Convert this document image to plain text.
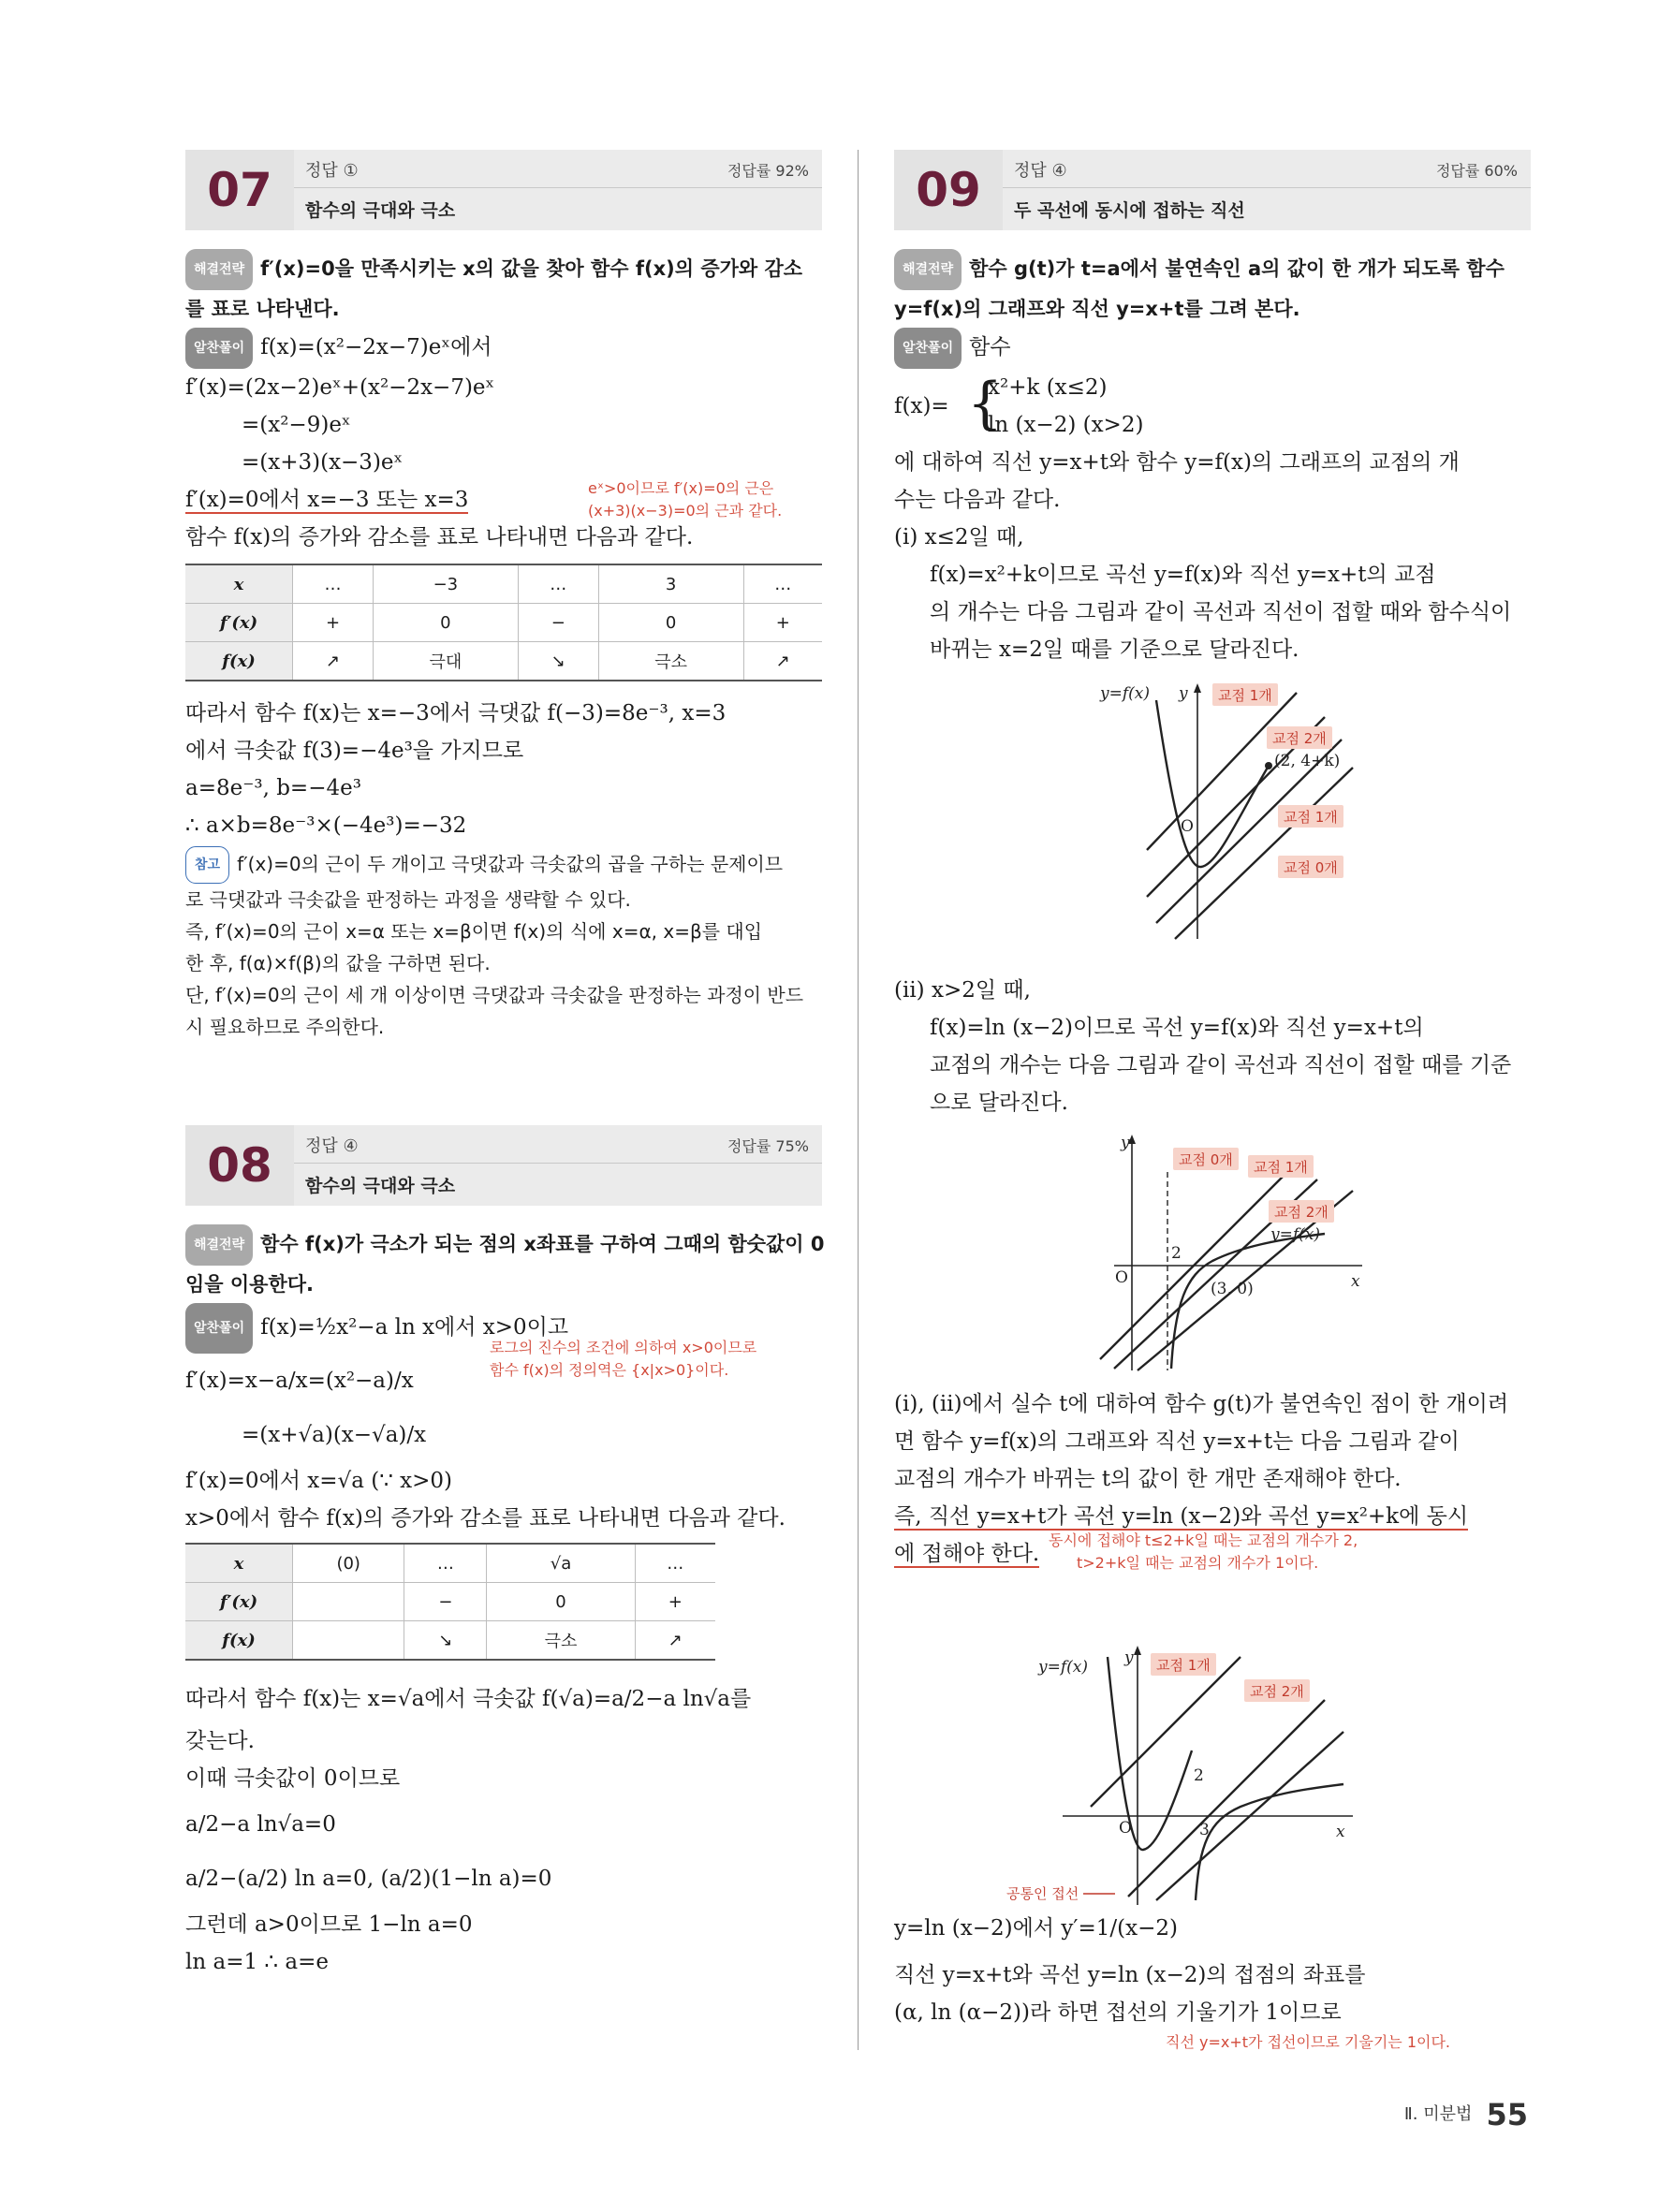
07	정답 ①	정답률 92%
함수의 극대와 극소

해결전략 f′(x)=0을 만족시키는 x의 값을 찾아 함수 f(x)의 증가와 감소

를 표로 나타낸다.

알찬풀이 f(x)=(x²−2x−7)eˣ에서

f′(x)=(2x−2)eˣ+(x²−2x−7)eˣ

=(x²−9)eˣ

=(x+3)(x−3)eˣ

f′(x)=0에서 x=−3 또는 x=3	eˣ>0이므로 f′(x)=0의 근은
(x+3)(x−3)=0의 근과 같다.

함수 f(x)의 증가와 감소를 표로 나타내면 다음과 같다.

x	…	−3	…	3	…
f′(x)	+	0	−	0	+
f(x)	↗	극대	↘	극소	↗

따라서 함수 f(x)는 x=−3에서 극댓값 f(−3)=8e⁻³, x=3

에서 극솟값 f(3)=−4e³을 가지므로

a=8e⁻³, b=−4e³

∴ a×b=8e⁻³×(−4e³)=−32

참고 f′(x)=0의 근이 두 개이고 극댓값과 극솟값의 곱을 구하는 문제이므

로 극댓값과 극솟값을 판정하는 과정을 생략할 수 있다.

즉, f′(x)=0의 근이 x=α 또는 x=β이면 f(x)의 식에 x=α, x=β를 대입

한 후, f(α)×f(β)의 값을 구하면 된다.

단, f′(x)=0의 근이 세 개 이상이면 극댓값과 극솟값을 판정하는 과정이 반드

시 필요하므로 주의한다.

08	정답 ④	정답률 75%
함수의 극대와 극소

해결전략 함수 f(x)가 극소가 되는 점의 x좌표를 구하여 그때의 함숫값이 0

임을 이용한다.

알찬풀이 f(x)=½x²−a ln x에서 x>0이고

로그의 진수의 조건에 의하여 x>0이므로
함수 f(x)의 정의역은 {x|x>0}이다.

f′(x)=x−a/x=(x²−a)/x

=(x+√a)(x−√a)/x

f′(x)=0에서 x=√a (∵ x>0)

x>0에서 함수 f(x)의 증가와 감소를 표로 나타내면 다음과 같다.

x	(0)	…	√a	…
f′(x)		−	0	+
f(x)		↘	극소	↗

따라서 함수 f(x)는 x=√a에서 극솟값 f(√a)=a/2−a ln√a를

갖는다.

이때 극솟값이 0이므로

a/2−a ln√a=0

a/2−(a/2) ln a=0, (a/2)(1−ln a)=0

그런데 a>0이므로 1−ln a=0

ln a=1 ∴ a=e

09	정답 ④	정답률 60%
두 곡선에 동시에 접하는 직선

해결전략 함수 g(t)가 t=a에서 불연속인 a의 값이 한 개가 되도록 함수

y=f(x)의 그래프와 직선 y=x+t를 그려 본다.

알찬풀이 함수

f(x)= {
x²+k (x≤2)
ln (x−2) (x>2)

에 대하여 직선 y=x+t와 함수 y=f(x)의 그래프의 교점의 개

수는 다음과 같다.

(ⅰ) x≤2일 때,

f(x)=x²+k이므로 곡선 y=f(x)와 직선 y=x+t의 교점

의 개수는 다음 그림과 같이 곡선과 직선이 접할 때와 함수식이

바뀌는 x=2일 때를 기준으로 달라진다.

y=f(x) y
O
(2, 4+k)
교점 1개
교점 2개
교점 1개
교점 0개

(ⅱ) x>2일 때,

f(x)=ln (x−2)이므로 곡선 y=f(x)와 직선 y=x+t의

교점의 개수는 다음 그림과 같이 곡선과 직선이 접할 때를 기준

으로 달라진다.

y
x
O
2
(3, 0)
y=f(x)
교점 0개 교점 1개
교점 2개

(ⅰ), (ⅱ)에서 실수 t에 대하여 함수 g(t)가 불연속인 점이 한 개이려

면 함수 y=f(x)의 그래프와 직선 y=x+t는 다음 그림과 같이

교점의 개수가 바뀌는 t의 값이 한 개만 존재해야 한다.

즉, 직선 y=x+t가 곡선 y=ln (x−2)와 곡선 y=x²+k에 동시

에 접해야 한다.

동시에 접해야 t≤2+k일 때는 교점의 개수가 2,
t>2+k일 때는 교점의 개수가 1이다.
y=f(x) y
x
O
2
3
교점 1개
교점 2개
공통인 접선

y=ln (x−2)에서 y′=1/(x−2)

직선 y=x+t와 곡선 y=ln (x−2)의 접점의 좌표를

(α, ln (α−2))라 하면 접선의 기울기가 1이므로

직선 y=x+t가 접선이므로 기울기는 1이다.
Ⅱ. 미분법 55
